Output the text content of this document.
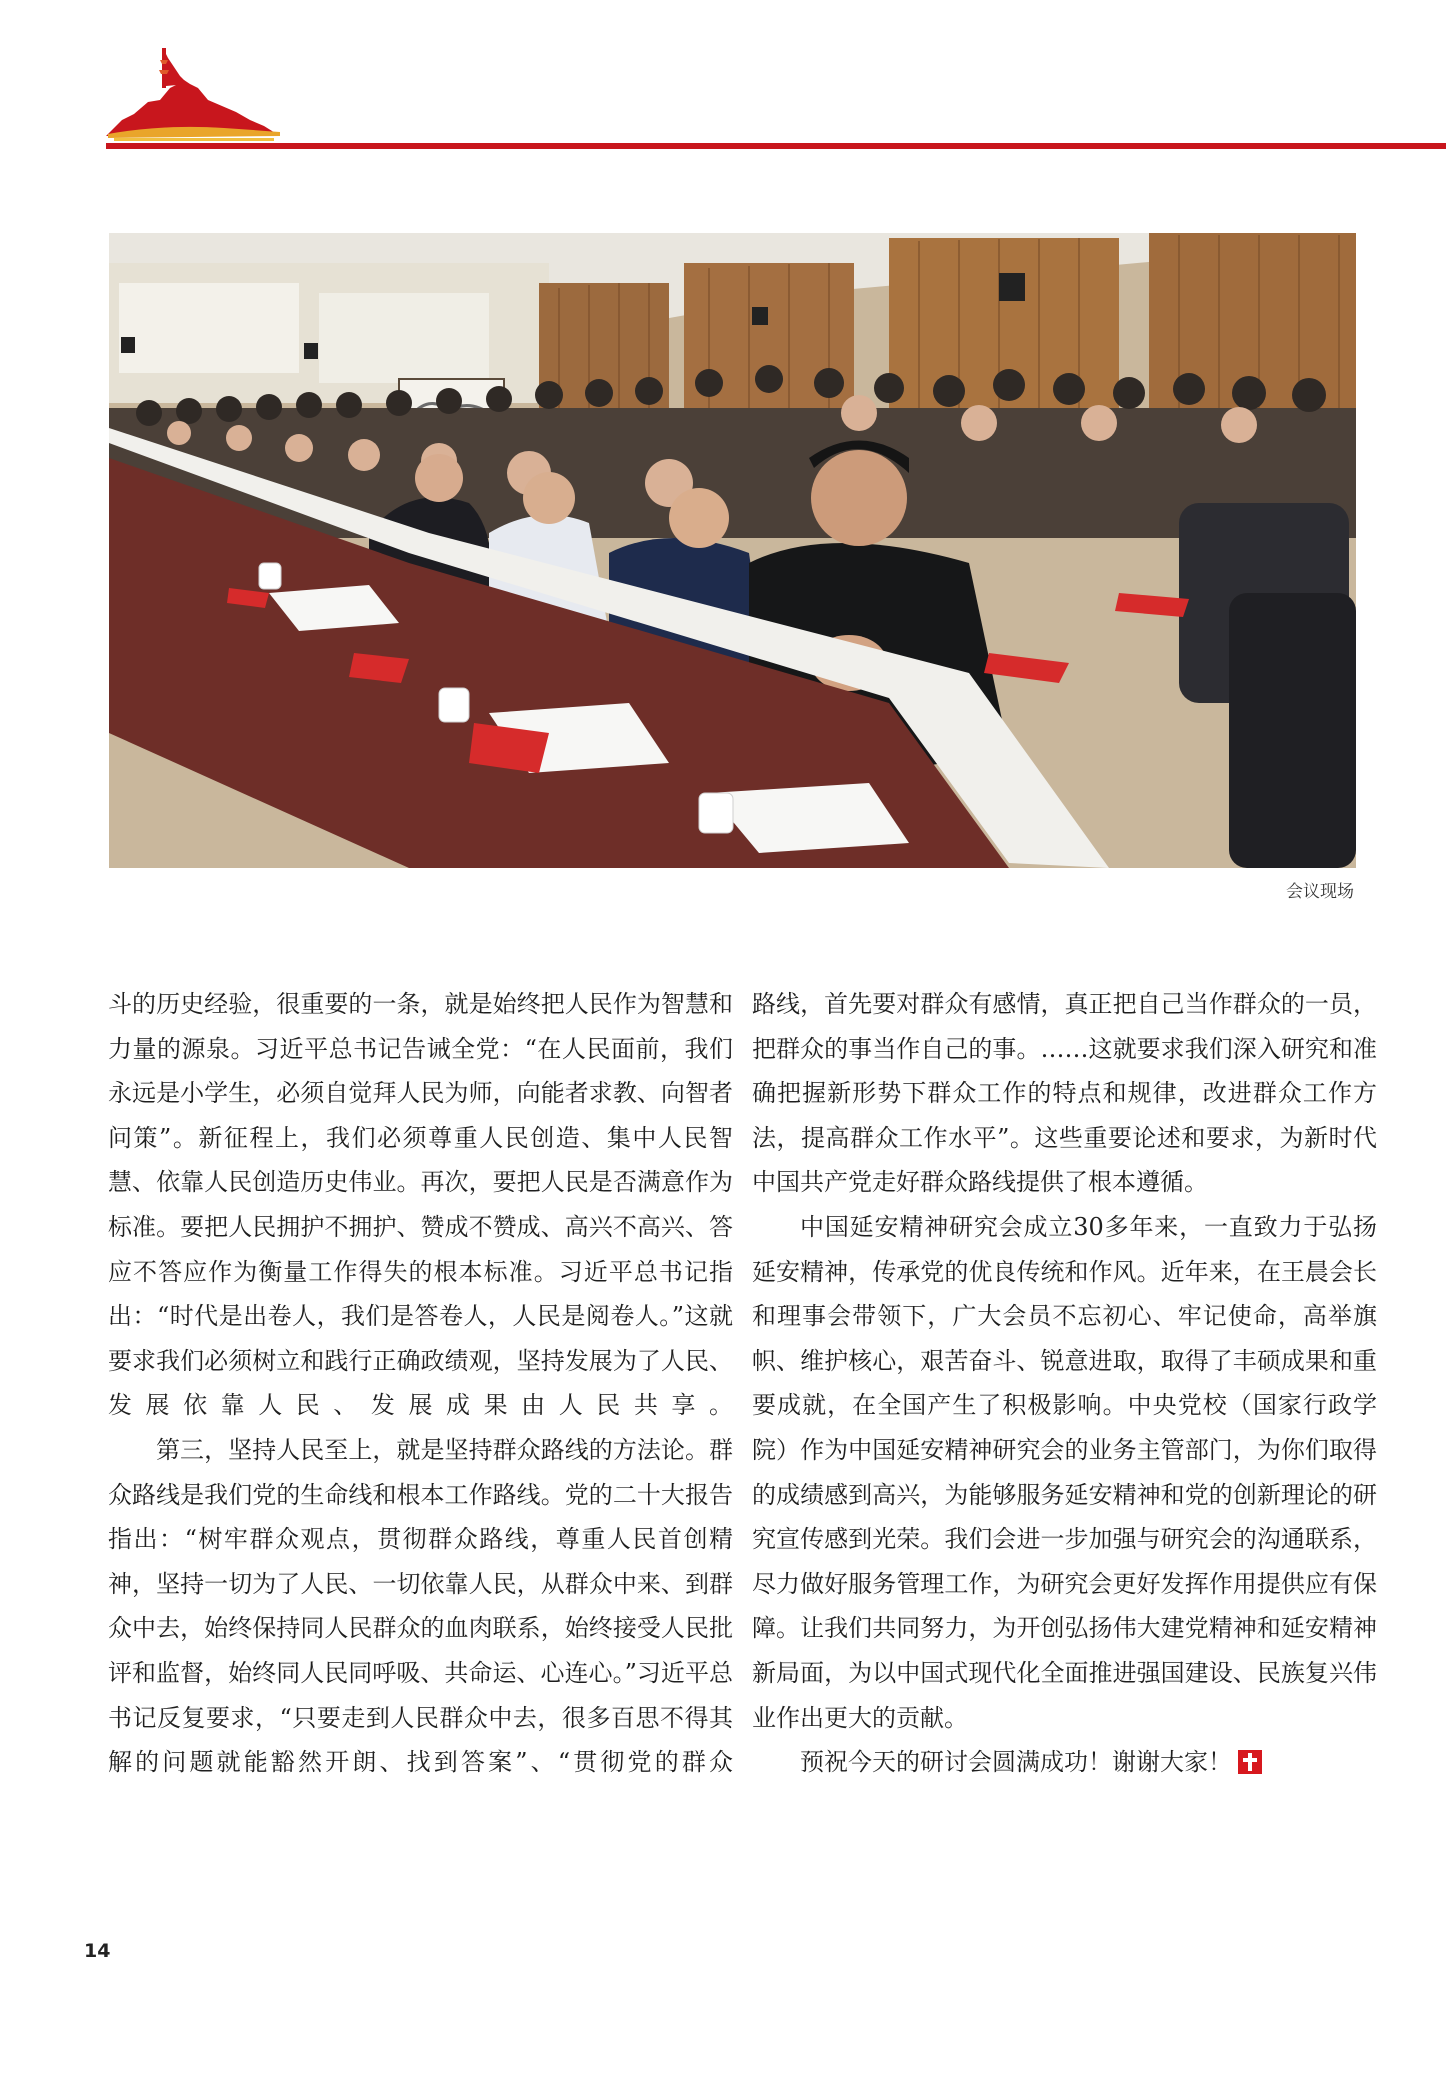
会议现场

斗的历史经验，很重要的一条，就是始终把人民作为智慧和力量的源泉。习近平总书记告诫全党：“在人民面前，我们永远是小学生，必须自觉拜人民为师，向能者求教、向智者问策”。新征程上，我们必须尊重人民创造、集中人民智慧、依靠人民创造历史伟业。再次，要把人民是否满意作为标准。要把人民拥护不拥护、赞成不赞成、高兴不高兴、答应不答应作为衡量工作得失的根本标准。习近平总书记指出：“时代是出卷人，我们是答卷人，人民是阅卷人。”这就要求我们必须树立和践行正确政绩观，坚持发展为了人民、发展依靠人民、发展成果由人民共享。

第三，坚持人民至上，就是坚持群众路线的方法论。群众路线是我们党的生命线和根本工作路线。党的二十大报告指出：“树牢群众观点，贯彻群众路线，尊重人民首创精神，坚持一切为了人民、一切依靠人民，从群众中来、到群众中去，始终保持同人民群众的血肉联系，始终接受人民批评和监督，始终同人民同呼吸、共命运、心连心。”习近平总书记反复要求，“只要走到人民群众中去，很多百思不得其解的问题就能豁然开朗、找到答案”、“贯彻党的群众

路线，首先要对群众有感情，真正把自己当作群众的一员，把群众的事当作自己的事。……这就要求我们深入研究和准确把握新形势下群众工作的特点和规律，改进群众工作方法，提高群众工作水平”。这些重要论述和要求，为新时代中国共产党走好群众路线提供了根本遵循。

中国延安精神研究会成立30多年来，一直致力于弘扬延安精神，传承党的优良传统和作风。近年来，在王晨会长和理事会带领下，广大会员不忘初心、牢记使命，高举旗帜、维护核心，艰苦奋斗、锐意进取，取得了丰硕成果和重要成就，在全国产生了积极影响。中央党校（国家行政学院）作为中国延安精神研究会的业务主管部门，为你们取得的成绩感到高兴，为能够服务延安精神和党的创新理论的研究宣传感到光荣。我们会进一步加强与研究会的沟通联系，尽力做好服务管理工作，为研究会更好发挥作用提供应有保障。让我们共同努力，为开创弘扬伟大建党精神和延安精神新局面，为以中国式现代化全面推进强国建设、民族复兴伟业作出更大的贡献。

预祝今天的研讨会圆满成功！谢谢大家！

14
